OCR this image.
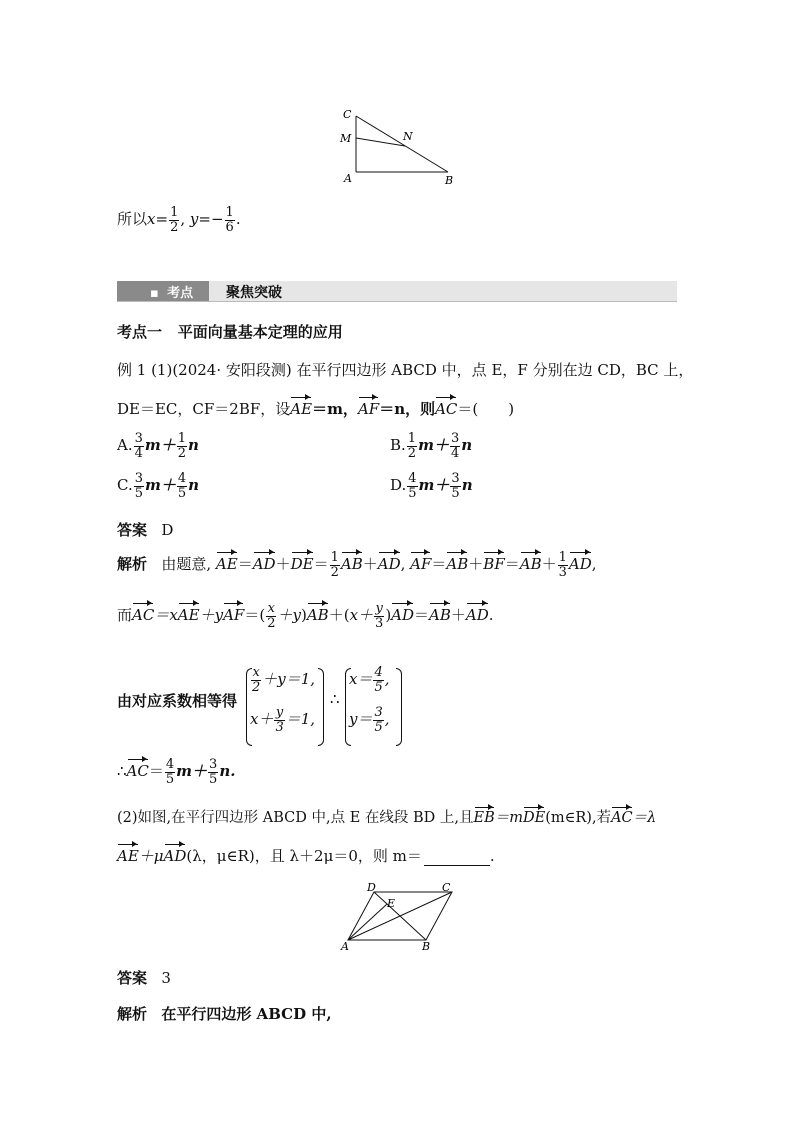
C
M	N
A	B
所以$x= \frac{1}{2}$ , $y=- \frac{1}{6}$ .
▪ 考点 聚焦突破
考点一 平面向量基本定理的应用
例 1 (1)(2024· 安阳段测) 在平行四边形 ABCD 中，点 E，F 分别在边 CD，BC 上，
DE＝EC，CF＝2BF，设AE＝m，AF＝n，则AC＝(　　)
A. $\frac{3}{4} m+ \frac{1}{2}$ n	B. $\frac{1}{2} m+ \frac{3}{4}$ n
C. $\frac{3}{5} m+ \frac{4}{5}$ n	D. $\frac{4}{5} m+ \frac{3}{5}$ n
答案 D
解析 由题意, $AE=AD+DE= \frac{1}{2} AB+AD$, $AF=AB+BF=AB+ \frac{1}{3}$ AD,
而$AC=xAE+yAF=( \frac{x}{2} +y)AB+(x+ \frac{y}{3} )AD=AB+AD$.
由对应系数相等得
$\frac{x}{2} +y=1$,
$x+ \frac{y}{3} =1$,
∴
$x= \frac{4}{5}$ ,
$y= \frac{3}{5}$ ,
∴AC＝ $\frac{4}{5} m+ \frac{3}{5} n$.
(2)如图,在平行四边形 ABCD 中,点 E 在线段 BD 上,且EB＝mDE(m∈R),若AC＝λ
AE＋μAD(λ，μ∈R)，且 λ＋2μ＝0，则 m＝	.
D	C
E
A	B
答案 3
解析 在平行四边形 ABCD 中,
